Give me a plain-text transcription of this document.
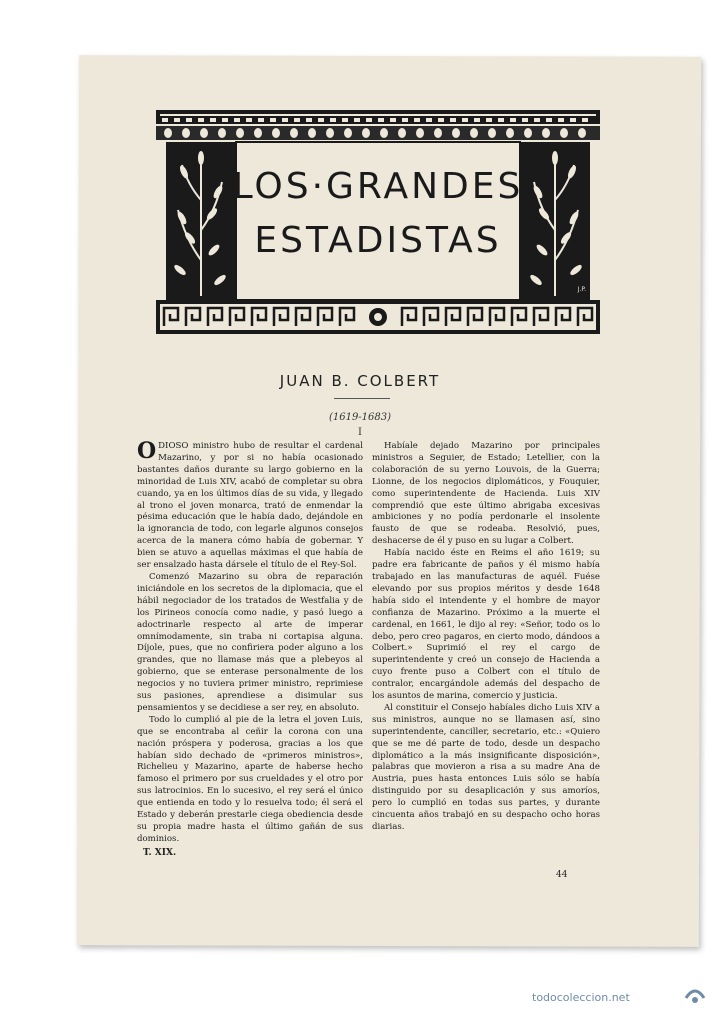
LOS·GRANDES
ESTADISTAS
J.P.
JUAN B. COLBERT
(1619-1683)
I

ODIOSO ministro hubo de resultar el cardenal Mazarino, y por si no había ocasionado bastantes daños durante su largo gobierno en la minoridad de Luis XIV, acabó de completar su obra cuando, ya en los últimos días de su vida, y llegado al trono el joven monarca, trató de enmendar la pésima educación que le había dado, dejándole en la ignorancia de todo, con legarle algunos consejos acerca de la manera cómo había de gobernar. Y bien se atuvo a aquellas máximas el que había de ser ensalzado hasta dársele el título de el Rey-Sol.

Comenzó Mazarino su obra de reparación iniciándole en los secretos de la diplomacia, que el hábil negociador de los tratados de Westfalia y de los Pirineos conocía como nadie, y pasó luego a adoctrinarle respecto al arte de imperar omnímodamente, sin traba ni cortapisa alguna. Díjole, pues, que no confiriera poder alguno a los grandes, que no llamase más que a plebeyos al gobierno, que se enterase personalmente de los negocios y no tuviera primer ministro, reprimiese sus pasiones, aprendiese a disimular sus pensamientos y se decidiese a ser rey, en absoluto.

Todo lo cumplió al pie de la letra el joven Luis, que se encontraba al ceñir la corona con una nación próspera y poderosa, gracias a los que habían sido dechado de «primeros ministros», Richelieu y Mazarino, aparte de haberse hecho famoso el primero por sus crueldades y el otro por sus latrocinios. En lo sucesivo, el rey será el único que entienda en todo y lo resuelva todo; él será el Estado y deberán prestarle ciega obediencia desde su propia madre hasta el último gañán de sus dominios.

Habíale dejado Mazarino por principales ministros a Seguier, de Estado; Letellier, con la colaboración de su yerno Louvois, de la Guerra; Lionne, de los negocios diplomáticos, y Fouquier, como superintendente de Hacienda. Luis XIV comprendió que este último abrigaba excesivas ambiciones y no podía perdonarle el insolente fausto de que se rodeaba. Resolvió, pues, deshacerse de él y puso en su lugar a Colbert.

Había nacido éste en Reims el año 1619; su padre era fabricante de paños y él mismo había trabajado en las manufacturas de aquél. Fuése elevando por sus propios méritos y desde 1648 había sido el intendente y el hombre de mayor confianza de Mazarino. Próximo a la muerte el cardenal, en 1661, le dijo al rey: «Señor, todo os lo debo, pero creo pagaros, en cierto modo, dándoos a Colbert.» Suprimió el rey el cargo de superintendente y creó un consejo de Hacienda a cuyo frente puso a Colbert con el título de contralor, encargándole además del despacho de los asuntos de marina, comercio y justicia.

Al constituir el Consejo habíales dicho Luis XIV a sus ministros, aunque no se llamasen así, sino superintendente, canciller, secretario, etc.: «Quiero que se me dé parte de todo, desde un despacho diplomático a la más insignificante disposición», palabras que movieron a risa a su madre Ana de Austria, pues hasta entonces Luis sólo se había distinguido por su desaplicación y sus amoríos, pero lo cumplió en todas sus partes, y durante cincuenta años trabajó en su despacho ocho horas diarias.

T. XIX.
44
todocoleccion.net
